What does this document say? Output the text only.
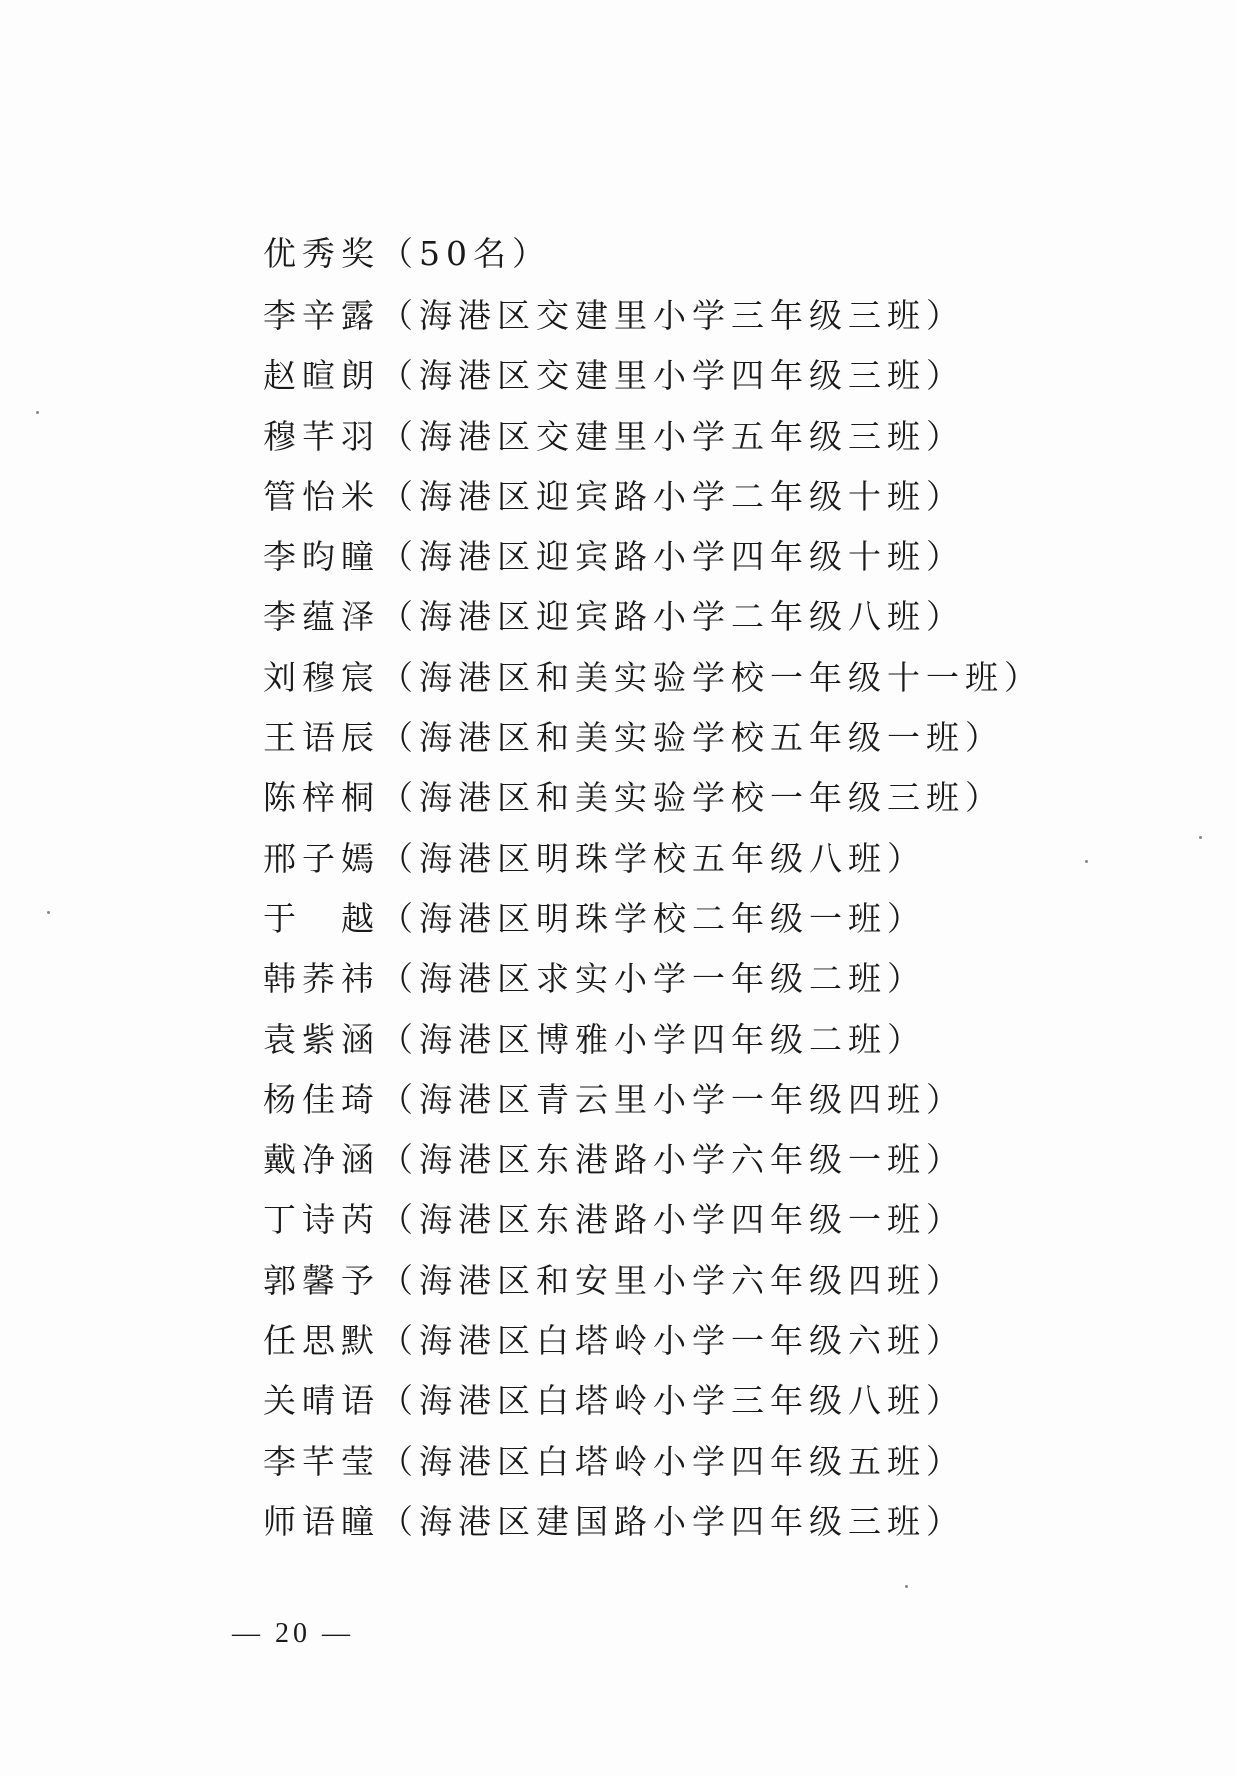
优秀奖（50名）
李辛露（海港区交建里小学三年级三班）
赵暄朗（海港区交建里小学四年级三班）
穆芊羽（海港区交建里小学五年级三班）
管怡米（海港区迎宾路小学二年级十班）
李昀瞳（海港区迎宾路小学四年级十班）
李蕴泽（海港区迎宾路小学二年级八班）
刘穆宸（海港区和美实验学校一年级十一班）
王语辰（海港区和美实验学校五年级一班）
陈梓桐（海港区和美实验学校一年级三班）
邢子嫣（海港区明珠学校五年级八班）
于　越（海港区明珠学校二年级一班）
韩荞祎（海港区求实小学一年级二班）
袁紫涵（海港区博雅小学四年级二班）
杨佳琦（海港区青云里小学一年级四班）
戴净涵（海港区东港路小学六年级一班）
丁诗芮（海港区东港路小学四年级一班）
郭馨予（海港区和安里小学六年级四班）
任思默（海港区白塔岭小学一年级六班）
关晴语（海港区白塔岭小学三年级八班）
李芊莹（海港区白塔岭小学四年级五班）
师语瞳（海港区建国路小学四年级三班）
— 20 —
